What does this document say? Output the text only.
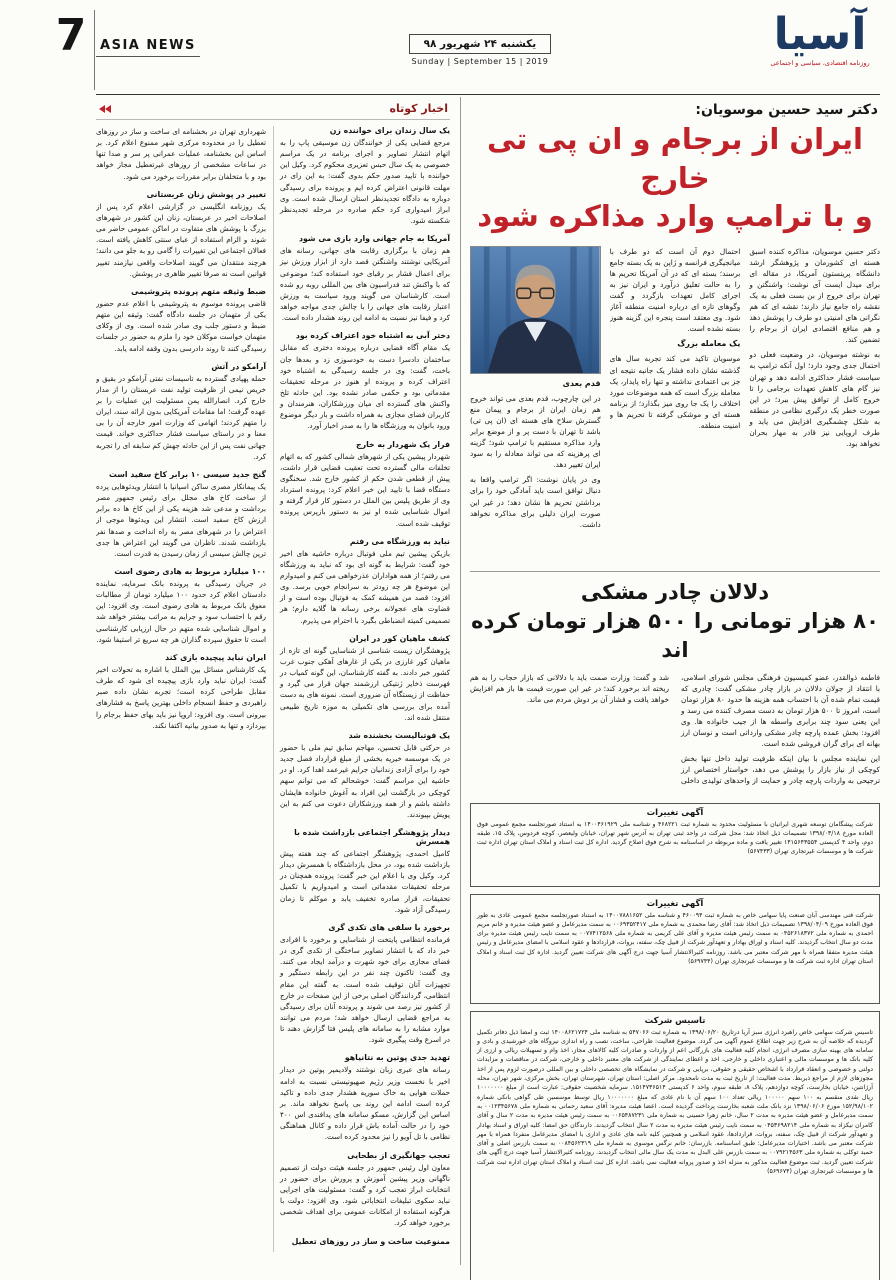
7	آسیا
روزنامه اقتصادی، سیاسی و اجتماعی
یکشنبه ۲۴ شهریور ۹۸
Sunday | September 15 | 2019
ASIA NEWS
دکتر سید حسین موسویان:
ایران از برجام و ان پی تی خارج
و با ترامپ وارد مذاکره شود

دکتر حسین موسویان، مذاکره کننده اسبق هسته ای کشورمان و پژوهشگر ارشد دانشگاه پرینستون آمریکا، در مقاله ای برای میدل ایست آی نوشت: واشنگتن و تهران برای خروج از بن بست فعلی به یک نقشه راه جامع نیاز دارند؛ نقشه ای که هم نگرانی های امنیتی دو طرف را پوشش دهد و هم منافع اقتصادی ایران از برجام را تضمین کند.

به نوشته موسویان، در وضعیت فعلی دو احتمال جدی وجود دارد؛ اول آنکه ترامپ به سیاست فشار حداکثری ادامه دهد و تهران نیز گام های کاهش تعهدات برجامی را تا خروج کامل از توافق پیش ببرد؛ در این صورت خطر یک درگیری نظامی در منطقه به شکل چشمگیری افزایش می یابد و طرف اروپایی نیز قادر به مهار بحران نخواهد بود.

احتمال دوم آن است که دو طرف با میانجیگری فرانسه و ژاپن به یک بسته جامع برسند؛ بسته ای که در آن آمریکا تحریم ها را به حالت تعلیق درآورد و ایران نیز به اجرای کامل تعهدات بازگردد و گفت وگوهای تازه ای درباره امنیت منطقه آغاز شود. وی معتقد است پنجره این گزینه هنوز بسته نشده است.

یک معامله بزرگ

موسویان تاکید می کند تجربه سال های گذشته نشان داده فشار یک جانبه نتیجه ای جز بی اعتمادی نداشته و تنها راه پایدار، یک معامله بزرگ است که همه موضوعات مورد اختلاف را یک جا روی میز بگذارد؛ از برنامه هسته ای و موشکی گرفته تا تحریم ها و امنیت منطقه.

قدم بعدی

در این چارچوب، قدم بعدی می تواند خروج هم زمان ایران از برجام و پیمان منع گسترش سلاح های هسته ای (ان پی تی) باشد تا تهران با دست پر و از موضع برابر وارد مذاکره مستقیم با ترامپ شود؛ گزینه ای پرهزینه که می تواند معادله را به سود ایران تغییر دهد.

وی در پایان نوشت: اگر ترامپ واقعا به دنبال توافق است باید آمادگی خود را برای برداشتن تحریم ها نشان دهد؛ در غیر این صورت ایران دلیلی برای مذاکره نخواهد داشت.

دلالان چادر مشکی
۸۰ هزار تومانی را ۵۰۰ هزار تومان کرده اند

فاطمه ذوالقدر، عضو کمیسیون فرهنگی مجلس شورای اسلامی، با انتقاد از جولان دلالان در بازار چادر مشکی گفت: چادری که قیمت تمام شده آن با احتساب همه هزینه ها حدود ۸۰ هزار تومان است، امروز تا ۵۰۰ هزار تومان به دست مصرف کننده می رسد و این یعنی سود چند برابری واسطه ها از جیب خانواده ها. وی افزود: بخش عمده پارچه چادر مشکی وارداتی است و نوسان ارز بهانه ای برای گران فروشی شده است.

این نماینده مجلس با بیان اینکه ظرفیت تولید داخل تنها بخش کوچکی از نیاز بازار را پوشش می دهد، خواستار اختصاص ارز ترجیحی به واردات پارچه چادر و حمایت از واحدهای تولیدی داخلی شد و گفت: وزارت صمت باید با دلالانی که بازار حجاب را به هم ریخته اند برخورد کند؛ در غیر این صورت قیمت ها باز هم افزایش خواهد یافت و فشار آن بر دوش مردم می ماند.

آگهی تغییرات
شرکت پیشگامان توسعه شهری ایرانیان با مسئولیت محدود به شماره ثبت ۴۶۸۲۲۱ و شناسه ملی ۱۴۰۰۴۶۱۹۲۹ به استناد صورتجلسه مجمع عمومی فوق العاده مورخ ۱۳۹۸/۰۳/۱۸ تصمیمات ذیل اتخاذ شد: محل شرکت در واحد ثبتی تهران به آدرس شهر تهران، خیابان ولیعصر، کوچه فردوس، پلاک ۱۵، طبقه دوم، واحد ۴ کدپستی ۱۴۱۵۶۴۳۵۵۴ تغییر یافت و ماده مربوطه در اساسنامه به شرح فوق اصلاح گردید. اداره کل ثبت اسناد و املاک استان تهران اداره ثبت شرکت ها و موسسات غیرتجاری تهران (۵۶۷۴۳۳)
آگهی تغییرات
شرکت فنی مهندسی آبان صنعت پایا سهامی خاص به شماره ثبت ۴۶۰۰۹۴ و شناسه ملی ۱۴۰۰۷۸۸۱۶۵۲ به استناد صورتجلسه مجمع عمومی عادی به طور فوق العاده مورخ ۱۳۹۸/۰۴/۰۹ تصمیمات ذیل اتخاذ شد: آقای رضا محمدی به شماره ملی ۰۰۶۹۳۵۲۴۱۷ به سمت مدیرعامل و عضو هیئت مدیره و خانم مریم احمدی به شماره ملی ۰۴۵۲۶۱۸۳۷۲ به سمت رئیس هیئت مدیره و آقای علی کریمی به شماره ملی ۰۰۷۷۴۱۲۵۶۸ به سمت نایب رئیس هیئت مدیره برای مدت دو سال انتخاب گردیدند. کلیه اسناد و اوراق بهادار و تعهدآور شرکت از قبیل چک، سفته، بروات، قراردادها و عقود اسلامی با امضای مدیرعامل و رئیس هیئت مدیره متفقا همراه با مهر شرکت معتبر می باشد. روزنامه کثیرالانتشار آسیا جهت درج آگهی های شرکت تعیین گردید. اداره کل ثبت اسناد و املاک استان تهران اداره ثبت شرکت ها و موسسات غیرتجاری تهران (۵۶۹۷۴۴)
تاسیس شرکت
تاسیس شرکت سهامی خاص راهبرد انرژی سبز آریا درتاریخ ۱۳۹۸/۰۶/۲۰ به شماره ثبت ۵۴۷۰۶۶ به شناسه ملی ۱۴۰۰۸۶۲۱۷۲۴ ثبت و امضا ذیل دفاتر تکمیل گردیده که خلاصه آن به شرح زیر جهت اطلاع عموم آگهی می گردد. موضوع فعالیت: طراحی، ساخت، نصب و راه اندازی نیروگاه های خورشیدی و بادی و سامانه های بهینه سازی مصرف انرژی، انجام کلیه فعالیت های بازرگانی اعم از واردات و صادرات کلیه کالاهای مجاز، اخذ وام و تسهیلات ریالی و ارزی از کلیه بانک ها و موسسات مالی و اعتباری داخلی و خارجی، اخذ و اعطای نمایندگی از شرکت های معتبر داخلی و خارجی، شرکت در مناقصات و مزایدات دولتی و خصوصی و انعقاد قرارداد با اشخاص حقیقی و حقوقی، برپایی و شرکت در نمایشگاه های تخصصی داخلی و بین المللی درصورت لزوم پس از اخذ مجوزهای لازم از مراجع ذیربط. مدت فعالیت: از تاریخ ثبت به مدت نامحدود. مرکز اصلی: استان تهران، شهرستان تهران، بخش مرکزی، شهر تهران، محله آرژانتین، خیابان بخارست، کوچه دوازدهم، پلاک ۸، طبقه سوم، واحد ۶ کدپستی ۱۵۱۴۷۳۶۵۱۴. سرمایه شخصیت حقوقی: عبارت است از مبلغ ۱۰۰۰۰۰۰۰ ریال نقدی منقسم به ۱۰۰ سهم ۱۰۰۰۰۰ ریالی تعداد ۱۰۰ سهم آن با نام عادی که مبلغ ۱۰۰۰۰۰۰۰ ریال توسط موسسین طی گواهی بانکی شماره ۱۵۲/۹۸/۱۰۲ مورخ ۱۳۹۸/۰۶/۰۶ نزد بانک ملت شعبه بخارست پرداخت گردیده است. اعضا هیئت مدیره: آقای سعید رحمانی به شماره ملی ۰۰۱۲۳۴۵۶۷۸ به سمت مدیرعامل و عضو هیئت مدیره به مدت ۲ سال، خانم زهرا حسینی به شماره ملی ۰۰۶۵۴۸۷۲۳۱ به سمت رئیس هیئت مدیره به مدت ۲ سال و آقای کامران نیکزاد به شماره ملی ۰۴۵۳۶۹۸۲۱۴ به سمت نایب رئیس هیئت مدیره به مدت ۲ سال انتخاب گردیدند. دارندگان حق امضا: کلیه اوراق و اسناد بهادار و تعهدآور شرکت از قبیل چک، سفته، بروات، قراردادها، عقود اسلامی و همچنین کلیه نامه های عادی و اداری با امضای مدیرعامل منفردا همراه با مهر شرکت معتبر می باشد. اختیارات مدیرعامل: طبق اساسنامه. بازرسان: خانم نرگس موسوی به شماره ملی ۰۰۸۴۵۶۲۳۱۹ به سمت بازرس اصلی و آقای حمید توکلی به شماره ملی ۰۰۷۹۲۱۴۵۶۳ به سمت بازرس علی البدل به مدت یک سال مالی انتخاب گردیدند. روزنامه کثیرالانتشار آسیا جهت درج آگهی های شرکت تعیین گردید. ثبت موضوع فعالیت مذکور به منزله اخذ و صدور پروانه فعالیت نمی باشد. اداره کل ثبت اسناد و املاک استان تهران اداره ثبت شرکت ها و موسسات غیرتجاری تهران (۵۶۹۶۷۴)
اخبار کوتاه
یک سال زندان برای خواننده زن

مرجع قضایی یکی از خوانندگان زن موسیقی پاپ را به اتهام انتشار تصاویر و اجرای برنامه در یک مراسم خصوصی به یک سال حبس تعزیری محکوم کرد. وکیل این خواننده با تایید صدور حکم بدوی گفت: به این رای در مهلت قانونی اعتراض کرده ایم و پرونده برای رسیدگی دوباره به دادگاه تجدیدنظر استان ارسال شده است. وی ابراز امیدواری کرد حکم صادره در مرحله تجدیدنظر شکسته شود.

آمریکا به جام جهانی وارد بازی می شود

هم زمان با برگزاری رقابت های جهانی، رسانه های آمریکایی نوشتند واشنگتن قصد دارد از ابزار ورزش نیز برای اعمال فشار بر رقبای خود استفاده کند؛ موضوعی که با واکنش تند فدراسیون های بین المللی روبه رو شده است. کارشناسان می گویند ورود سیاست به ورزش اعتبار رقابت های جهانی را با چالش جدی مواجه خواهد کرد و فیفا نیز نسبت به ادامه این روند هشدار داده است.

دختر آبی به اشتباه خود اعتراف کرده بود

یک مقام آگاه قضایی درباره پرونده دختری که مقابل ساختمان دادسرا دست به خودسوزی زد و بعدها جان باخت، گفت: وی در جلسه رسیدگی به اشتباه خود اعتراف کرده و پرونده او هنوز در مرحله تحقیقات مقدماتی بود و حکمی صادر نشده بود. این حادثه تلخ واکنش های گسترده ای میان ورزشکاران، هنرمندان و کاربران فضای مجازی به همراه داشت و بار دیگر موضوع ورود بانوان به ورزشگاه ها را به صدر اخبار آورد.

فرار یک شهردار به خارج

شهردار پیشین یکی از شهرهای شمالی کشور که به اتهام تخلفات مالی گسترده تحت تعقیب قضایی قرار داشت، پیش از قطعی شدن حکم از کشور خارج شد. سخنگوی دستگاه قضا با تایید این خبر اعلام کرد: پرونده استرداد وی از طریق پلیس بین الملل در دستور کار قرار گرفته و اموال شناسایی شده او نیز به دستور بازپرس پرونده توقیف شده است.

نباید به ورزشگاه می رفتم

بازیکن پیشین تیم ملی فوتبال درباره حاشیه های اخیر خود گفت: شرایط به گونه ای بود که نباید به ورزشگاه می رفتم؛ از همه هواداران عذرخواهی می کنم و امیدوارم این موضوع هر چه زودتر به سرانجام خوبی برسد. وی افزود: قصد من همیشه کمک به فوتبال بوده است و از قضاوت های عجولانه برخی رسانه ها گلایه دارم؛ هر تصمیمی کمیته انضباطی بگیرد با احترام می پذیرم.

کشف ماهیان کور در ایران

پژوهشگران زیست شناسی از شناسایی گونه ای تازه از ماهیان کور غارزی در یکی از غارهای آهکی جنوب غرب کشور خبر دادند. به گفته کارشناسان، این گونه کمیاب در فهرست ذخایر ژنتیکی ارزشمند جهان قرار می گیرد و حفاظت از زیستگاه آن ضروری است. نمونه های به دست آمده برای بررسی های تکمیلی به موزه تاریخ طبیعی منتقل شده اند.

یک فوتبالیست بخشنده شد

در حرکتی قابل تحسین، مهاجم سابق تیم ملی با حضور در یک موسسه خیریه بخشی از مبلغ قرارداد فصل جدید خود را برای آزادی زندانیان جرایم غیرعمد اهدا کرد. او در حاشیه این مراسم گفت: خوشحالم که می توانم سهم کوچکی در بازگشت این افراد به آغوش خانواده هایشان داشته باشم و از همه ورزشکاران دعوت می کنم به این پویش بپیوندند.

دیدار پژوهشگر اجتماعی بازداشت شده با همسرش

کامیل احمدی، پژوهشگر اجتماعی که چند هفته پیش بازداشت شده بود، در محل بازداشتگاه با همسرش دیدار کرد. وکیل وی با اعلام این خبر گفت: پرونده همچنان در مرحله تحقیقات مقدماتی است و امیدواریم با تکمیل تحقیقات، قرار صادره تخفیف یابد و موکلم تا زمان رسیدگی آزاد شود.

برخورد با سلفی های تکدی گری

فرمانده انتظامی پایتخت از شناسایی و برخورد با افرادی خبر داد که با انتشار تصاویر ساختگی از تکدی گری در فضای مجازی برای خود شهرت و درآمد ایجاد می کنند. وی گفت: تاکنون چند نفر در این رابطه دستگیر و تجهیزات آنان توقیف شده است. به گفته این مقام انتظامی، گردانندگان اصلی برخی از این صفحات در خارج از کشور نیز رصد می شوند و پرونده آنان برای رسیدگی به مراجع قضایی ارسال خواهد شد؛ مردم می توانند موارد مشابه را به سامانه های پلیس فتا گزارش دهند تا در اسرع وقت پیگیری شود.

تهدید جدی پوتین به نتانیاهو

رسانه های عبری زبان نوشتند ولادیمیر پوتین در دیدار اخیر با نخست وزیر رژیم صهیونیستی نسبت به ادامه حملات هوایی به خاک سوریه هشدار جدی داده و تاکید کرده است ادامه این روند بی پاسخ نخواهد ماند. بر اساس این گزارش، مسکو سامانه های پدافندی اس ۴۰۰ خود را در حالت آماده باش قرار داده و کانال هماهنگی نظامی با تل آویو را نیز محدود کرده است.

تعجب جهانگیری از بطحایی

معاون اول رئیس جمهور در جلسه هیئت دولت از تصمیم ناگهانی وزیر پیشین آموزش و پرورش برای حضور در انتخابات ابراز تعجب کرد و گفت: مسئولیت های اجرایی نباید سکوی تبلیغات انتخاباتی شود. وی افزود: دولت با هرگونه استفاده از امکانات عمومی برای اهداف شخصی برخورد خواهد کرد.

ممنوعیت ساخت و ساز در روزهای تعطیل

شهرداری تهران در بخشنامه ای ساخت و ساز در روزهای تعطیل را در محدوده مرکزی شهر ممنوع اعلام کرد. بر اساس این بخشنامه، عملیات عمرانی پر سر و صدا تنها در ساعات مشخصی از روزهای غیرتعطیل مجاز خواهد بود و با متخلفان برابر مقررات برخورد می شود.

تغییر در پوشش زنان عربستانی

یک روزنامه انگلیسی در گزارشی اعلام کرد پس از اصلاحات اخیر در عربستان، زنان این کشور در شهرهای بزرگ با پوشش های متفاوت در اماکن عمومی حاضر می شوند و الزام استفاده از عبای سنتی کاهش یافته است. فعالان اجتماعی این تغییرات را گامی رو به جلو می دانند؛ هرچند منتقدان می گویند اصلاحات واقعی نیازمند تغییر قوانین است نه صرفا تغییر ظاهری در پوشش.

ضبط وثیقه متهم پرونده پتروشیمی

قاضی پرونده موسوم به پتروشیمی با اعلام عدم حضور یکی از متهمان در جلسه دادگاه گفت: وثیقه این متهم ضبط و دستور جلب وی صادر شده است. وی از وکلای متهمان خواست موکلان خود را ملزم به حضور در جلسات رسیدگی کنند تا روند دادرسی بدون وقفه ادامه یابد.

آرامکو در آتش

حمله پهپادی گسترده به تاسیسات نفتی آرامکو در بقیق و خریص نیمی از ظرفیت تولید نفت عربستان را از مدار خارج کرد. انصارالله یمن مسئولیت این عملیات را بر عهده گرفت؛ اما مقامات آمریکایی بدون ارائه سند، ایران را متهم کردند؛ اتهامی که وزارت امور خارجه آن را بی معنا و در راستای سیاست فشار حداکثری خواند. قیمت جهانی نفت پس از این حادثه جهش کم سابقه ای را تجربه کرد.

گنج جدید سیسی ۱۰ برابر کاخ سفید است

یک پیمانکار مصری ساکن اسپانیا با انتشار ویدئوهایی پرده از ساخت کاخ های مجلل برای رئیس جمهور مصر برداشت و مدعی شد هزینه یکی از این کاخ ها ده برابر ارزش کاخ سفید است. انتشار این ویدئوها موجی از اعتراض را در شهرهای مصر به راه انداخت و صدها نفر بازداشت شدند. ناظران می گویند این اعتراض ها جدی ترین چالش سیسی از زمان رسیدن به قدرت است.

۱۰۰ میلیارد مربوط به هادی رضوی است

در جریان رسیدگی به پرونده بانک سرمایه، نماینده دادستان اعلام کرد حدود ۱۰۰ میلیارد تومان از مطالبات معوق بانک مربوط به هادی رضوی است. وی افزود: این رقم با احتساب سود و جرایم به مراتب بیشتر خواهد شد و اموال شناسایی شده متهم در حال ارزیابی کارشناسی است تا حقوق سپرده گذاران هر چه سریع تر استیفا شود.

ایران نباید پیچیده بازی کند

یک کارشناس مسائل بین الملل با اشاره به تحولات اخیر گفت: ایران نباید وارد بازی پیچیده ای شود که طرف مقابل طراحی کرده است؛ تجربه نشان داده صبر راهبردی و حفظ انسجام داخلی بهترین پاسخ به فشارهای بیرونی است. وی افزود: اروپا نیز باید بهای حفظ برجام را بپردازد و تنها به صدور بیانیه اکتفا نکند.
